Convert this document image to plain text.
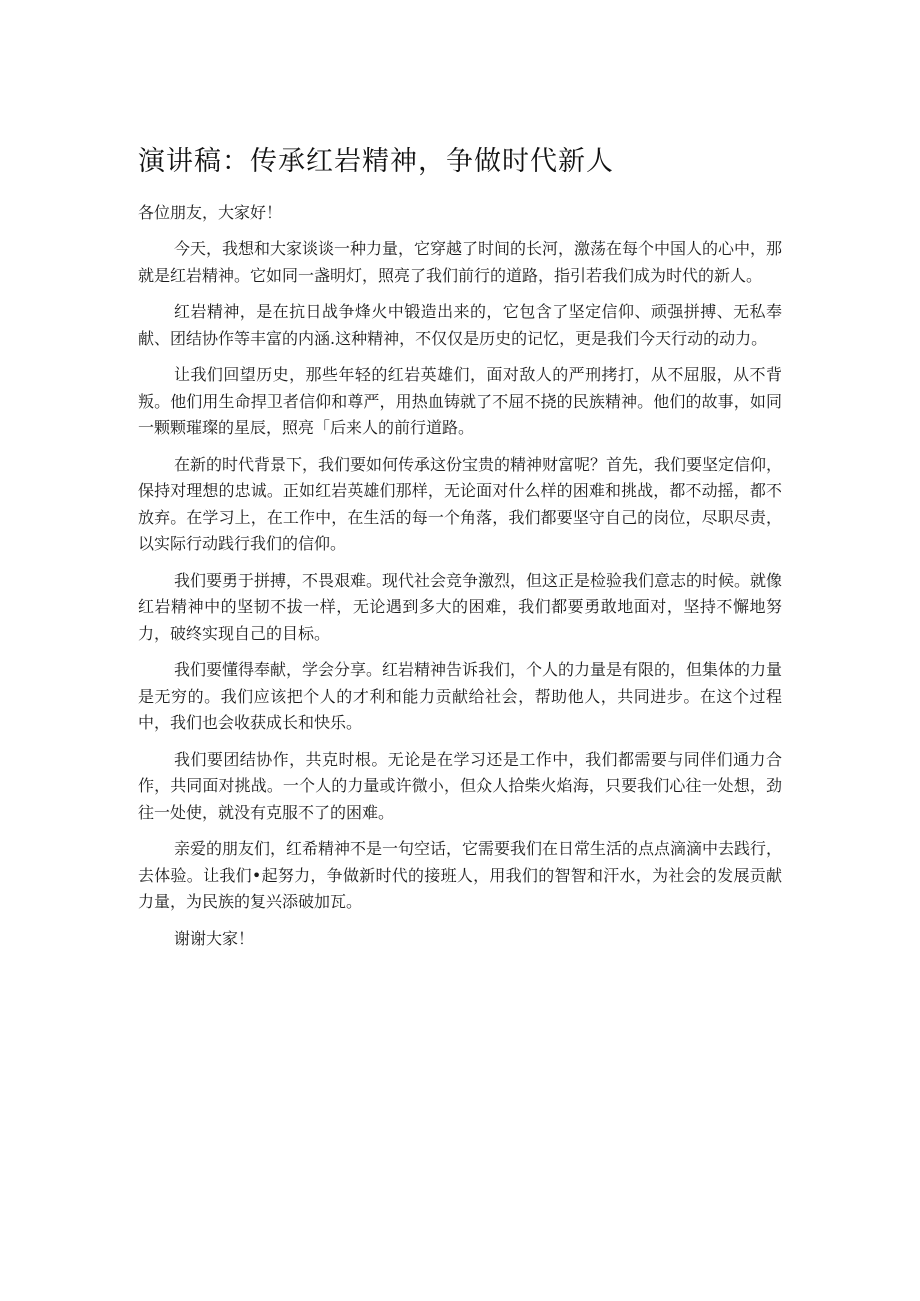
演讲稿：传承红岩精神，争做时代新人

各位朋友，大家好！

今天，我想和大家谈谈一种力量，它穿越了时间的长河，激荡在每个中国人的心中，那就是红岩精神。它如同一盏明灯，照亮了我们前行的道路，指引若我们成为时代的新人。

红岩精神，是在抗日战争烽火中锻造出来的，它包含了坚定信仰、顽强拼搏、无私奉献、团结协作等丰富的内涵.这种精神，不仅仅是历史的记忆，更是我们今天行动的动力。

让我们回望历史，那些年轻的红岩英雄们，面对敌人的严刑拷打，从不屈服，从不背叛。他们用生命捍卫者信仰和尊严，用热血铸就了不屈不挠的民族精神。他们的故事，如同一颗颗璀璨的星辰，照亮「后来人的前行道路。

在新的时代背景下，我们要如何传承这份宝贵的精神财富呢？首先，我们要坚定信仰，保持对理想的忠诚。正如红岩英雄们那样，无论面对什么样的困难和挑战，都不动摇，都不放弃。在学习上，在工作中，在生活的每一个角落，我们都要坚守自己的岗位，尽职尽责，以实际行动践行我们的信仰。

我们要勇于拼搏，不畏艰难。现代社会竞争激烈，但这正是检验我们意志的时候。就像红岩精神中的坚韧不拔一样，无论遇到多大的困难，我们都要勇敢地面对，坚持不懈地努力，破终实现自己的目标。

我们要懂得奉献，学会分享。红岩精神告诉我们，个人的力量是有限的，但集体的力量是无穷的。我们应该把个人的才利和能力贡献给社会，帮助他人，共同进步。在这个过程中，我们也会收获成长和快乐。

我们要团结协作，共克时根。无论是在学习还是工作中，我们都需要与同伴们通力合作，共同面对挑战。一个人的力量或许微小，但众人拾柴火焰海，只要我们心往一处想，劲往一处使，就没有克服不了的困难。

亲爱的朋友们，红希精神不是一句空话，它需要我们在日常生活的点点滴滴中去践行，去体验。让我们•起努力，争做新时代的接班人，用我们的智智和汗水，为社会的发展贡献力量，为民族的复兴添破加瓦。

谢谢大家！
